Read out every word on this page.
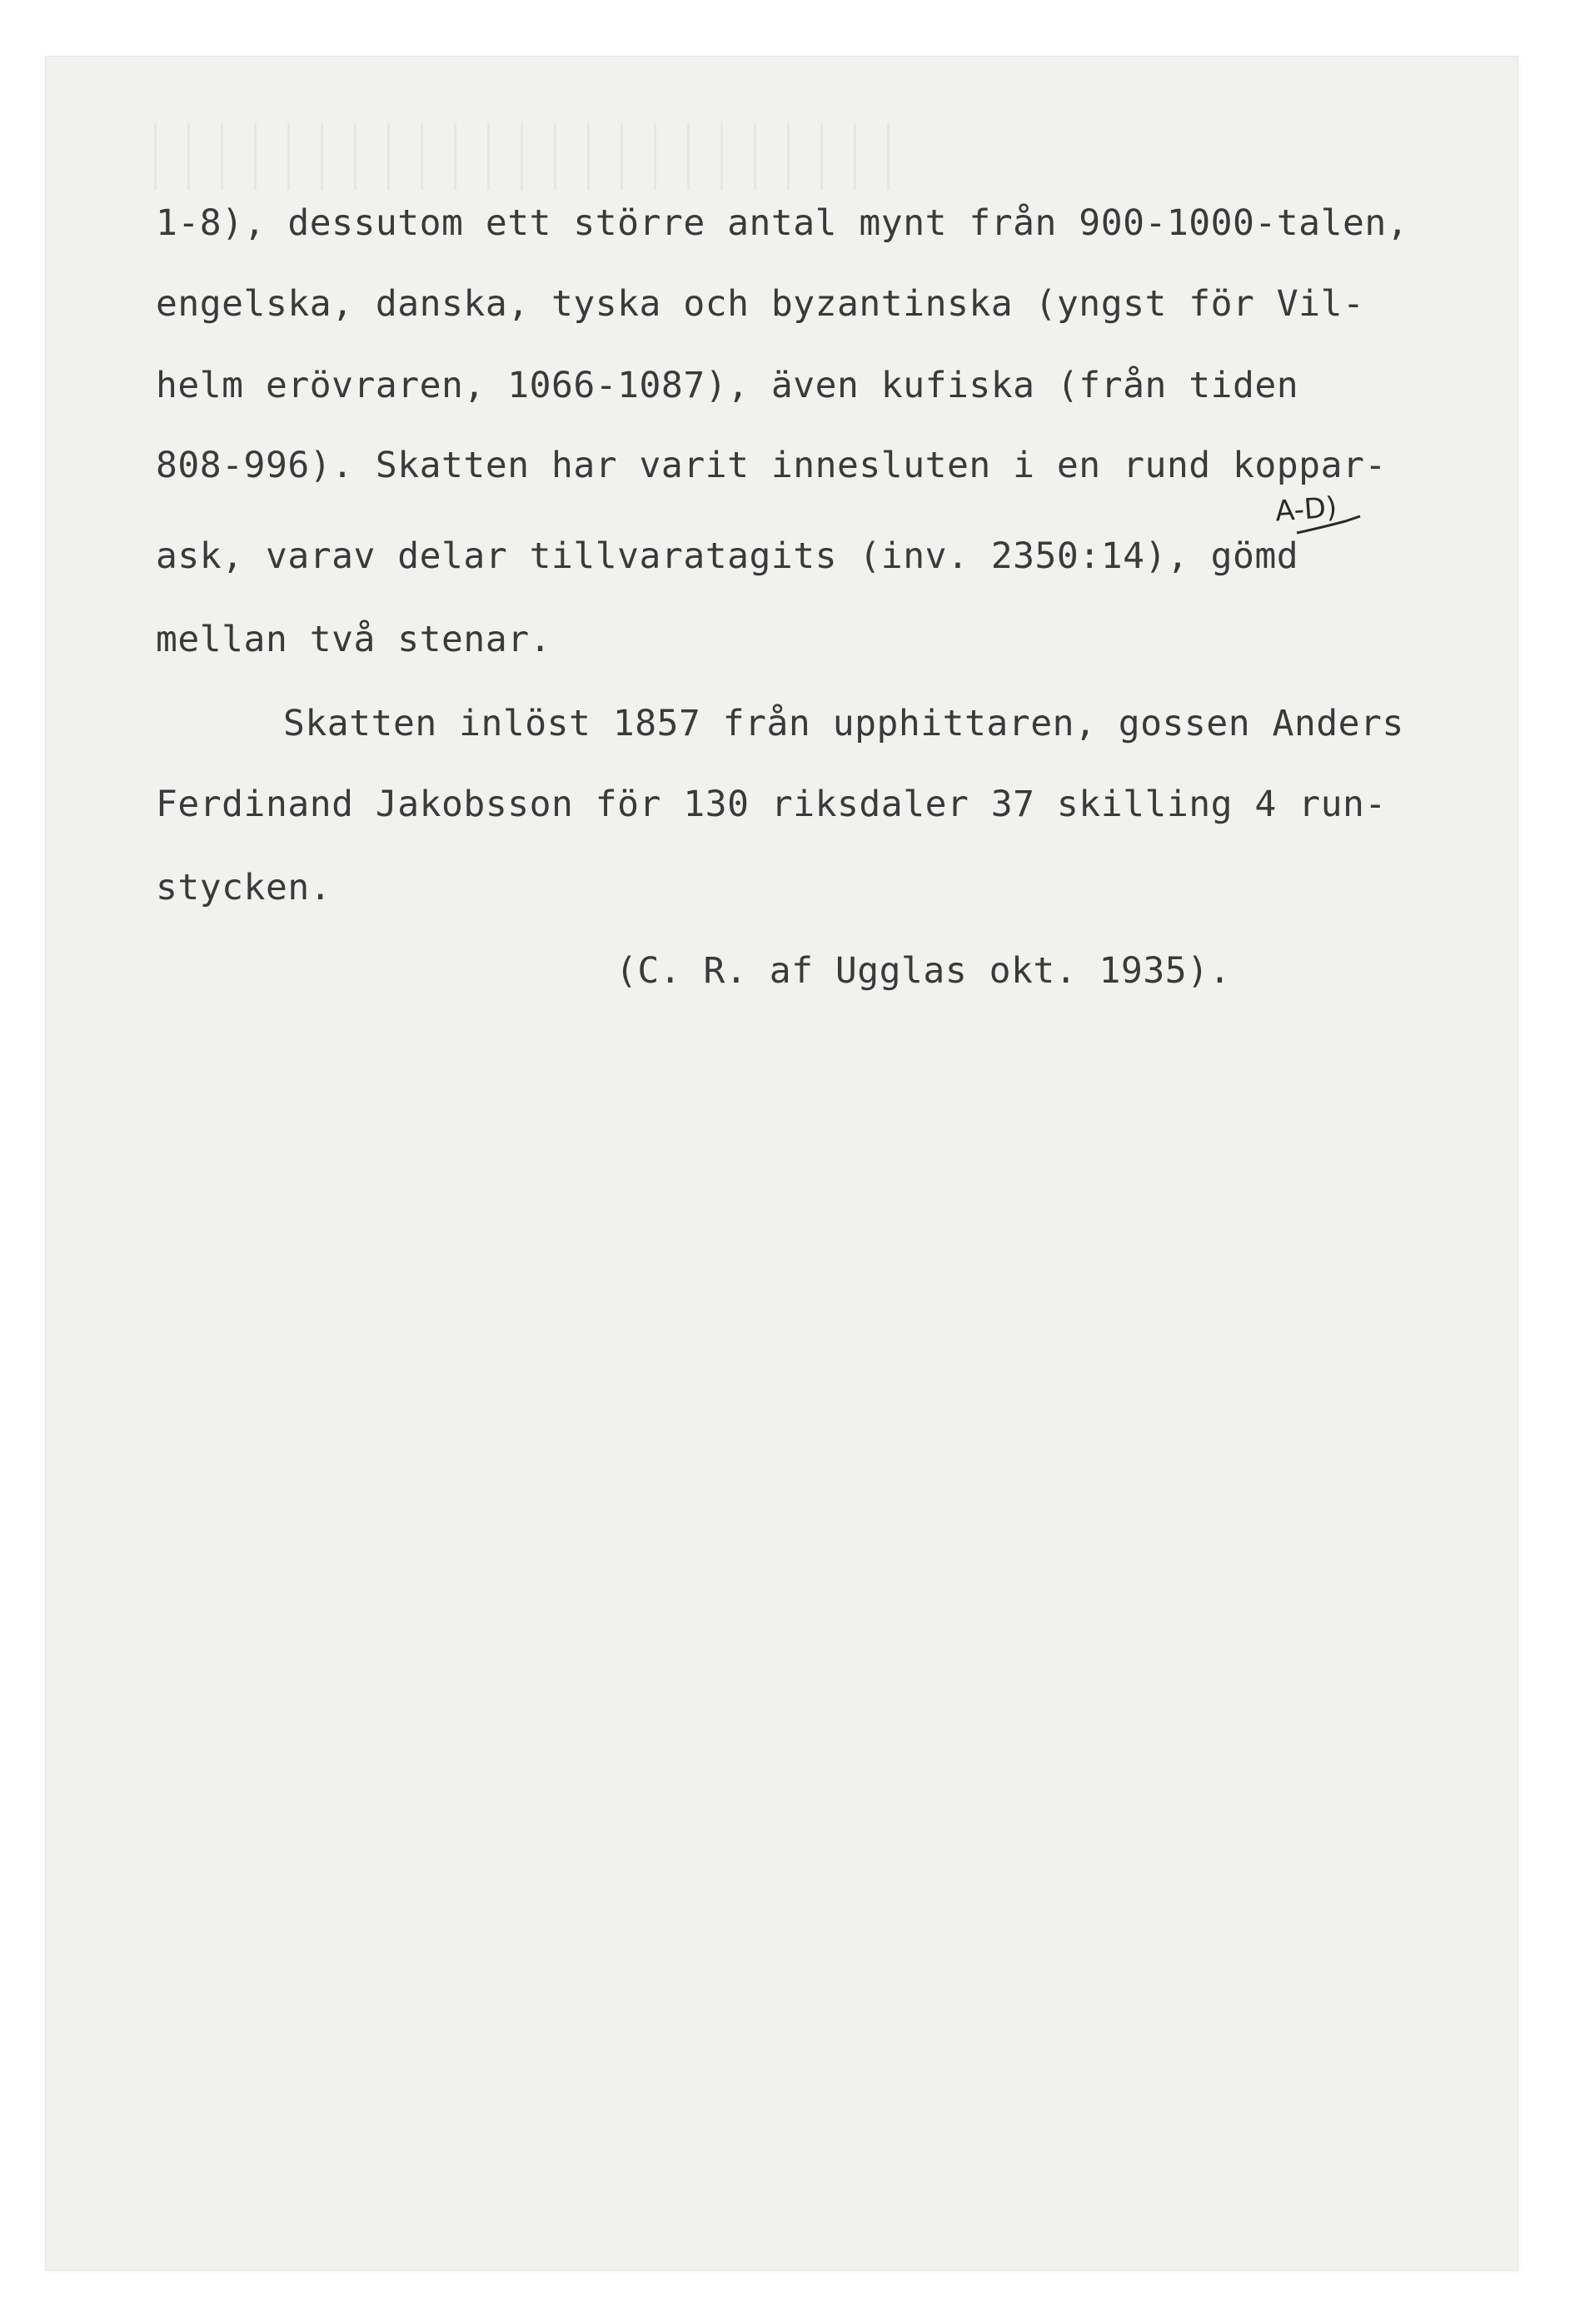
1-8), dessutom ett större antal mynt från 900-1000-talen,
engelska, danska, tyska och byzantinska (yngst för Vil-
helm erövraren, 1066-1087), även kufiska (från tiden
808-996). Skatten har varit innesluten i en rund koppar-
A-D)
ask, varav delar tillvaratagits (inv. 2350:14), gömd
mellan två stenar.
Skatten inlöst 1857 från upphittaren, gossen Anders
Ferdinand Jakobsson för 130 riksdaler 37 skilling 4 run-
stycken.
(C. R. af Ugglas okt. 1935).
